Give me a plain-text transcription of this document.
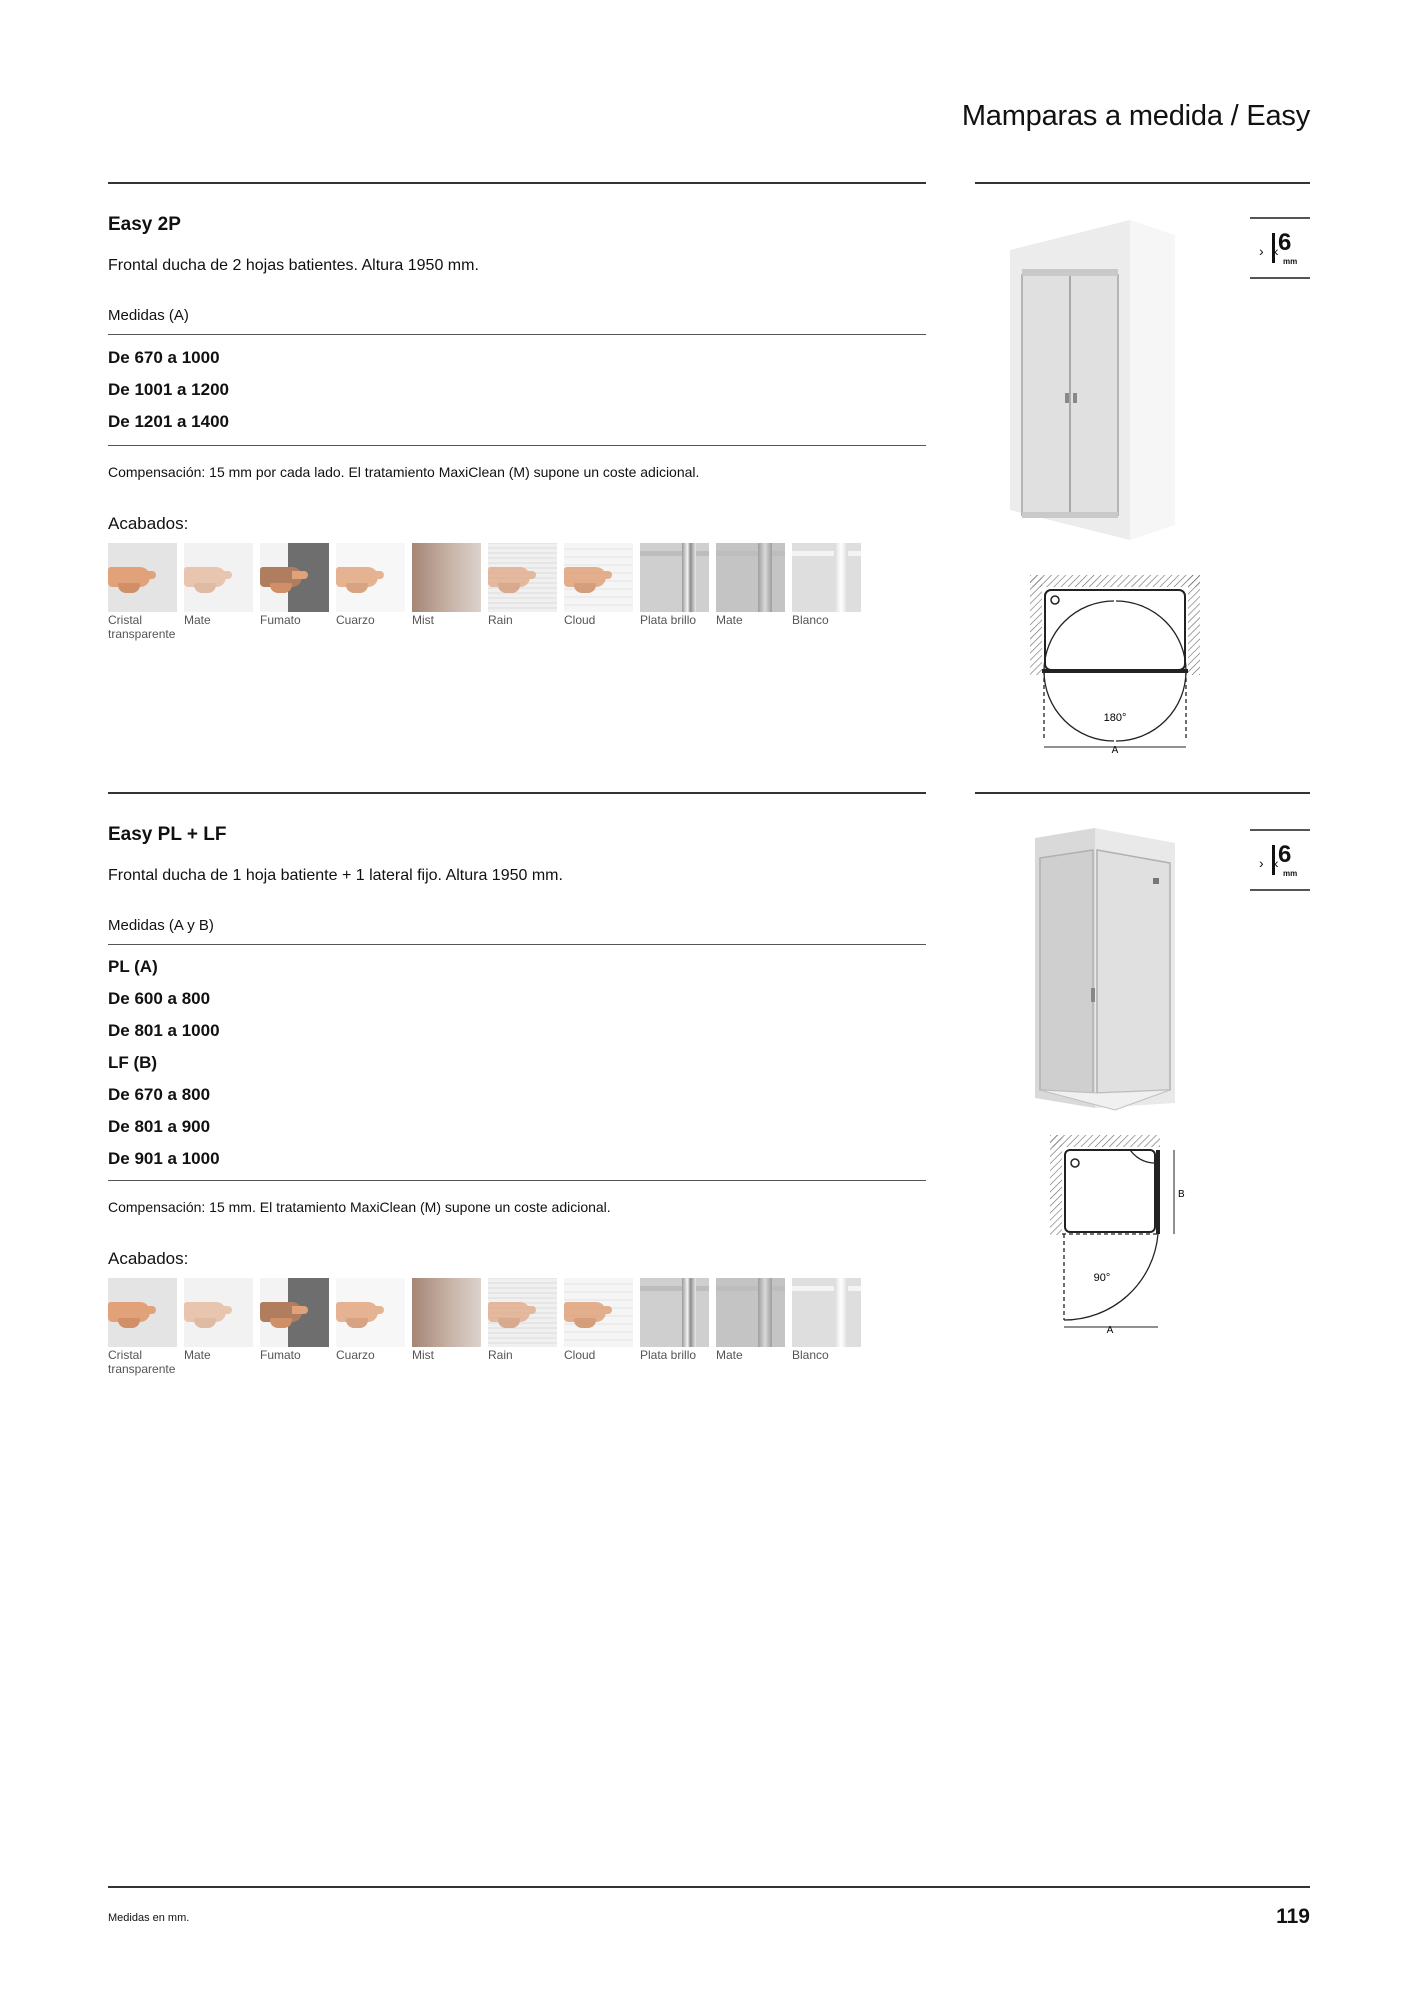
Mamparas a medida / Easy
Easy 2P
Frontal ducha de 2 hojas batientes. Altura 1950 mm.
Medidas (A)
De 670 a 1000
De 1001 a 1200
De 1201 a 1400
Compensación: 15 mm por cada lado. El tratamiento MaxiClean (M) supone un coste adicional.
Acabados:
Cristal
transparente
Mate	Fumato	Cuarzo	Mist	Rain	Cloud	Plata brillo	Mate	Blanco
› ‹ 6
mm
180°
A
Easy PL + LF
Frontal ducha de 1 hoja batiente + 1 lateral fijo. Altura 1950 mm.
Medidas (A y B)
PL (A)
De 600 a 800
De 801 a 1000
LF (B)
De 670 a 800
De 801 a 900
De 901 a 1000
Compensación: 15 mm. El tratamiento MaxiClean (M) supone un coste adicional.
Acabados:
Cristal
transparente
Mate	Fumato	Cuarzo	Mist	Rain	Cloud	Plata brillo	Mate	Blanco
› ‹ 6
mm
B
90°
A
Medidas en mm.	119
